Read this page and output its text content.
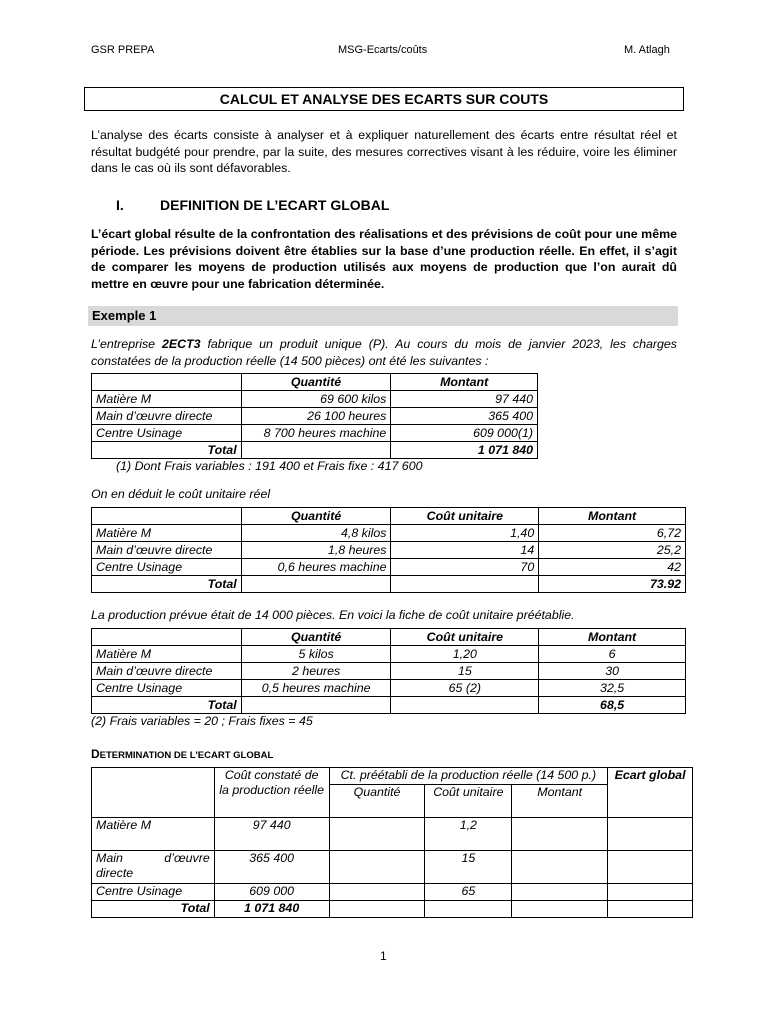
GSR PREPA	MSG-Ecarts/coûts	M. Atlagh
CALCUL ET ANALYSE DES ECARTS SUR COUTS
L’analyse des écarts consiste à analyser et à expliquer naturellement des écarts entre résultat réel et résultat budgété pour prendre, par la suite, des mesures correctives visant à les réduire, voire les éliminer dans le cas où ils sont défavorables.
I.	DEFINITION DE L’ECART GLOBAL
L’écart global résulte de la confrontation des réalisations et des prévisions de coût pour une même période. Les prévisions doivent être établies sur la base d’une production réelle. En effet, il s’agit de comparer les moyens de production utilisés aux moyens de production que l’on aurait dû mettre en œuvre pour une fabrication déterminée.
Exemple 1
L’entreprise 2ECT3 fabrique un produit unique (P). Au cours du mois de janvier 2023, les charges constatées de la production réelle (14 500 pièces) ont été les suivantes :
	Quantité	Montant
Matière M	69 600 kilos	97 440
Main d’œuvre directe	26 100 heures	365 400
Centre Usinage	8 700 heures machine	609 000(1)
Total		1 071 840
(1) Dont Frais variables : 191 400 et Frais fixe : 417 600
On en déduit le coût unitaire réel
	Quantité	Coût unitaire	Montant
Matière M	4,8 kilos	1,40	6,72
Main d’œuvre directe	1,8 heures	14	25,2
Centre Usinage	0,6 heures machine	70	42
Total			73.92
La production prévue était de 14 000 pièces. En voici la fiche de coût unitaire préétablie.
	Quantité	Coût unitaire	Montant
Matière M	5 kilos	1,20	6
Main d’œuvre directe	2 heures	15	30
Centre Usinage	0,5 heures machine	65 (2)	32,5
Total			68,5
(2) Frais variables = 20 ; Frais fixes = 45
DETERMINATION DE L'ECART GLOBAL
	Coût constaté de la production réelle	Ct. préétabli de la production réelle (14 500 p.)			Ecart global
		Quantité	Coût unitaire	Montant	
Matière M	97 440		1,2		
Main d’œuvre directe	365 400		15		
Centre Usinage	609 000		65		
Total	1 071 840				
1
